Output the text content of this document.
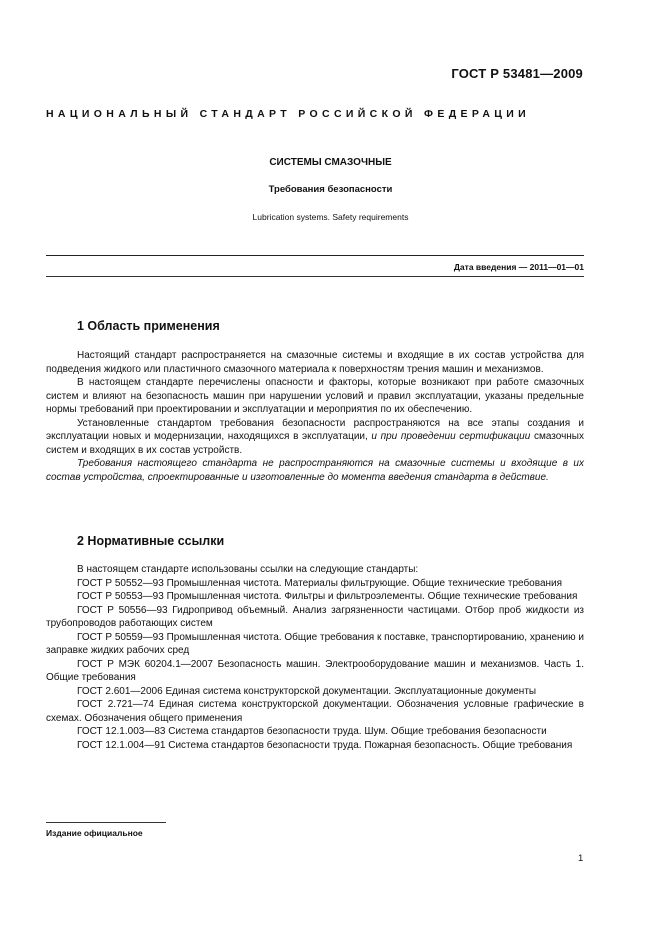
ГОСТ Р 53481—2009
НАЦИОНАЛЬНЫЙ СТАНДАРТ РОССИЙСКОЙ ФЕДЕРАЦИИ
СИСТЕМЫ СМАЗОЧНЫЕ
Требования безопасности
Lubrication systems. Safety requirements
Дата введения — 2011—01—01
1 Область применения

Настоящий стандарт распространяется на смазочные системы и входящие в их состав устройства для подведения жидкого или пластичного смазочного материала к поверхностям трения машин и механизмов.

В настоящем стандарте перечислены опасности и факторы, которые возникают при работе смазочных систем и влияют на безопасность машин при нарушении условий и правил эксплуатации, указаны предельные нормы требований при проектировании и эксплуатации и мероприятия по их обеспечению.

Установленные стандартом требования безопасности распространяются на все этапы создания и эксплуатации новых и модернизации, находящихся в эксплуатации, и при проведении сертификации смазочных систем и входящих в их состав устройств.

Требования настоящего стандарта не распространяются на смазочные системы и входящие в их состав устройства, спроектированные и изготовленные до момента введения стандарта в действие.

2 Нормативные ссылки

В настоящем стандарте использованы ссылки на следующие стандарты:

ГОСТ Р 50552—93 Промышленная чистота. Материалы фильтрующие. Общие технические требования

ГОСТ Р 50553—93 Промышленная чистота. Фильтры и фильтроэлементы. Общие технические требования

ГОСТ Р 50556—93 Гидропривод объемный. Анализ загрязненности частицами. Отбор проб жидкости из трубопроводов работающих систем

ГОСТ Р 50559—93 Промышленная чистота. Общие требования к поставке, транспортированию, хранению и заправке жидких рабочих сред

ГОСТ Р МЭК 60204.1—2007 Безопасность машин. Электрооборудование машин и механизмов. Часть 1. Общие требования

ГОСТ 2.601—2006 Единая система конструкторской документации. Эксплуатационные документы

ГОСТ 2.721—74 Единая система конструкторской документации. Обозначения условные графические в схемах. Обозначения общего применения

ГОСТ 12.1.003—83 Система стандартов безопасности труда. Шум. Общие требования безопасности

ГОСТ 12.1.004—91 Система стандартов безопасности труда. Пожарная безопасность. Общие требования

Издание официальное
1
